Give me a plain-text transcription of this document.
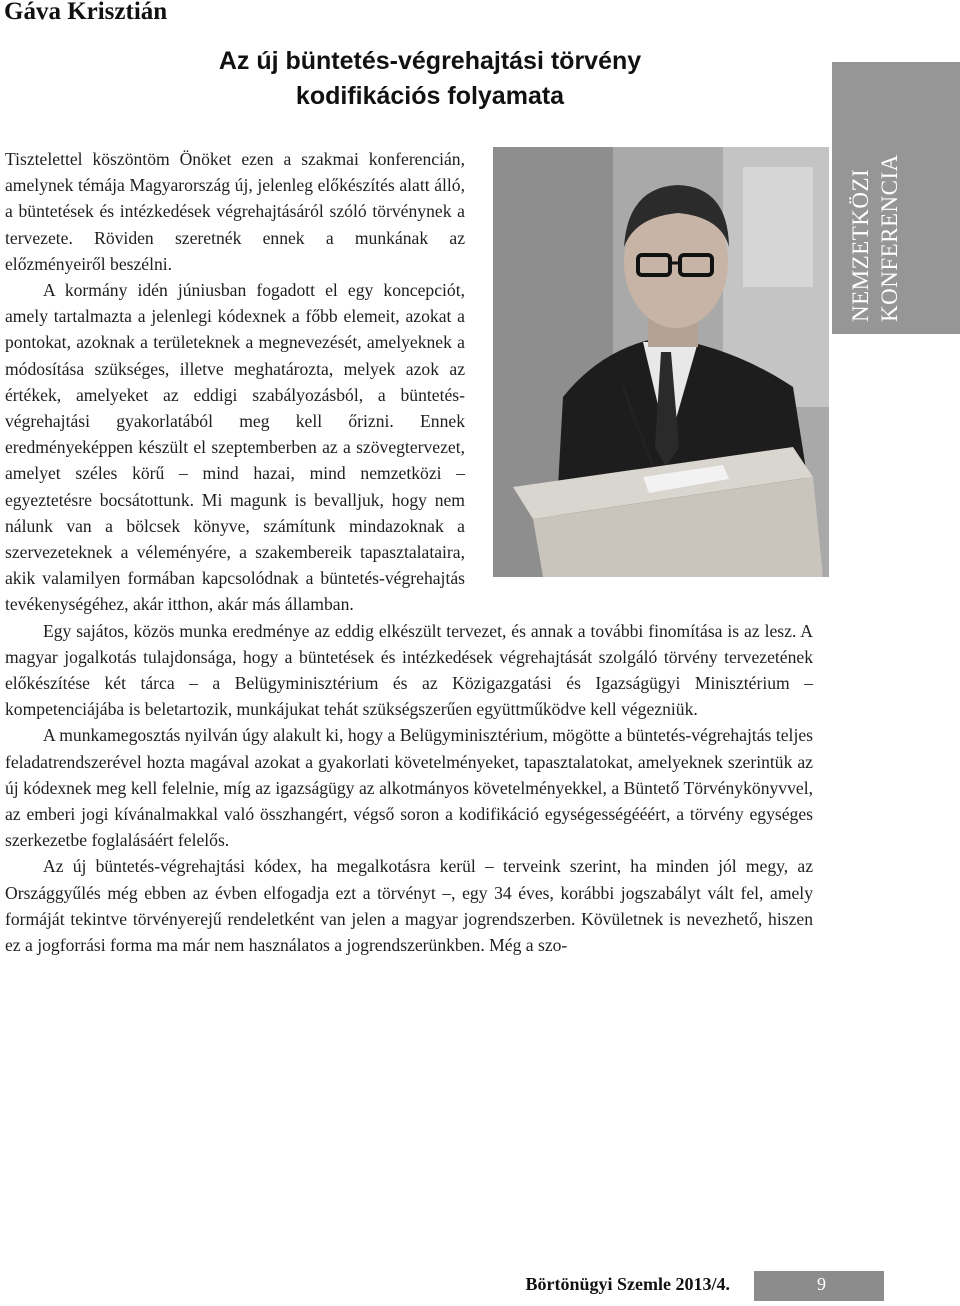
Gáva Krisztián
Az új büntetés-végrehajtási törvény
kodifikációs folyamata
NEMZETKÖZI KONFERENCIA

Tisztelettel köszöntöm Önöket ezen a szakmai konferencián, amelynek témája Magyarország új, jelenleg előkészítés alatt álló, a büntetések és intézkedések végrehajtásáról szóló törvénynek a tervezete. Röviden szeretnék ennek a munkának az előzményeiről beszélni.

A kormány idén júniusban fogadott el egy koncepciót, amely tartalmazta a jelenlegi kódexnek a főbb elemeit, azokat a pontokat, azoknak a területeknek a megnevezését, amelyeknek a módosítása szükséges, illetve meghatározta, melyek azok az értékek, amelyeket az eddigi szabályozásból, a büntetés-végrehajtási gyakorlatából meg kell őrizni. Ennek eredményeképpen készült el szeptemberben az a szövegtervezet, amelyet széles körű – mind hazai, mind nemzetközi – egyeztetésre bocsátottunk. Mi magunk is bevalljuk, hogy nem nálunk van a bölcsek könyve, számítunk mindazoknak a szervezeteknek a véleményére, a szakembereik tapasztalataira, akik valamilyen formában kapcsolódnak a büntetés-végrehajtás tevékenységéhez, akár itthon, akár más államban.

Egy sajátos, közös munka eredménye az eddig elkészült tervezet, és annak a további finomítása is az lesz. A magyar jogalkotás tulajdonsága, hogy a büntetések és intézkedések végrehajtását szolgáló törvény tervezetének előkészítése két tárca – a Belügyminisztérium és az Közigazgatási és Igazságügyi Minisztérium – kompetenciájába is beletartozik, munkájukat tehát szükségszerűen együttműködve kell végezniük.

A munkamegosztás nyilván úgy alakult ki, hogy a Belügyminisztérium, mögötte a büntetés-végrehajtás teljes feladatrendszerével hozta magával azokat a gyakorlati követelményeket, tapasztalatokat, amelyeknek szerintük az új kódexnek meg kell felelnie, míg az igazságügy az alkotmányos követelményekkel, a Büntető Törvénykönyvvel, az emberi jogi kívánalmakkal való összhangért, végső soron a kodifikáció egységességééért, a törvény egységes szerkezetbe foglalásáért felelős.

Az új büntetés-végrehajtási kódex, ha megalkotásra kerül – terveink szerint, ha minden jól megy, az Országgyűlés még ebben az évben elfogadja ezt a törvényt –, egy 34 éves, korábbi jogszabályt vált fel, amely formáját tekintve törvényerejű rendeletként van jelen a magyar jogrendszerben. Kövületnek is nevezhető, hiszen ez a jogforrási forma ma már nem használatos a jogrendszerünkben. Még a szo-

Börtönügyi Szemle 2013/4.	9
